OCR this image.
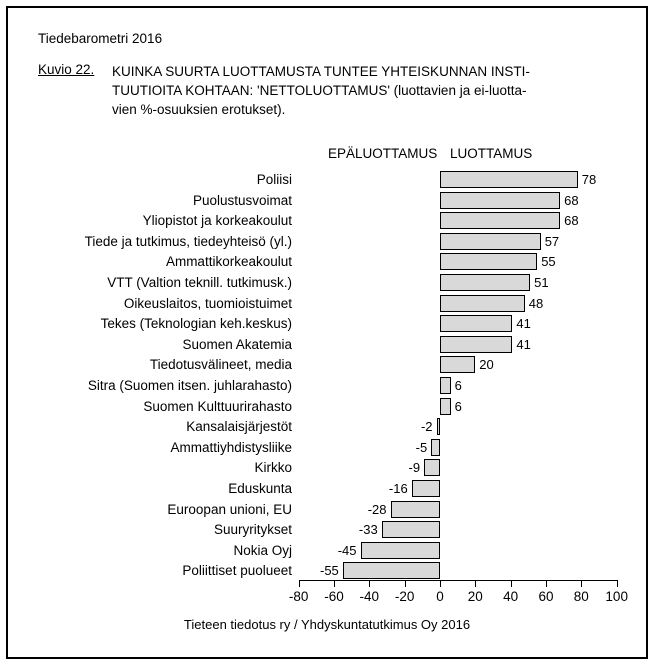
Tiedebarometri 2016
Kuvio 22. KUINKA SUURTA LUOTTAMUSTA TUNTEE YHTEISKUNNAN INSTI-
TUUTIOITA KOHTAAN: 'NETTOLUOTTAMUS' (luottavien ja ei-luotta-
vien %-osuuksien erotukset).
EPÄLUOTTAMUS LUOTTAMUS
Poliisi	78
Puolustusvoimat	68
Yliopistot ja korkeakoulut	68
Tiede ja tutkimus, tiedeyhteisö (yl.)	57
Ammattikorkeakoulut	55
VTT (Valtion teknill. tutkimusk.)	51
Oikeuslaitos, tuomioistuimet	48
Tekes (Teknologian keh.keskus)	41
Suomen Akatemia	41
Tiedotusvälineet, media	20
Sitra (Suomen itsen. juhlarahasto)	6
Suomen Kulttuurirahasto	6
Kansalaisjärjestöt	-2
Ammattiyhdistysliike	-5
Kirkko	-9
Eduskunta	-16
Euroopan unioni, EU	-28
Suuryritykset	-33
Nokia Oyj	-45
Poliittiset puolueet	-55
-80	-60	-40	-20	0	20	40	60	80	100
Tieteen tiedotus ry / Yhdyskuntatutkimus Oy 2016
